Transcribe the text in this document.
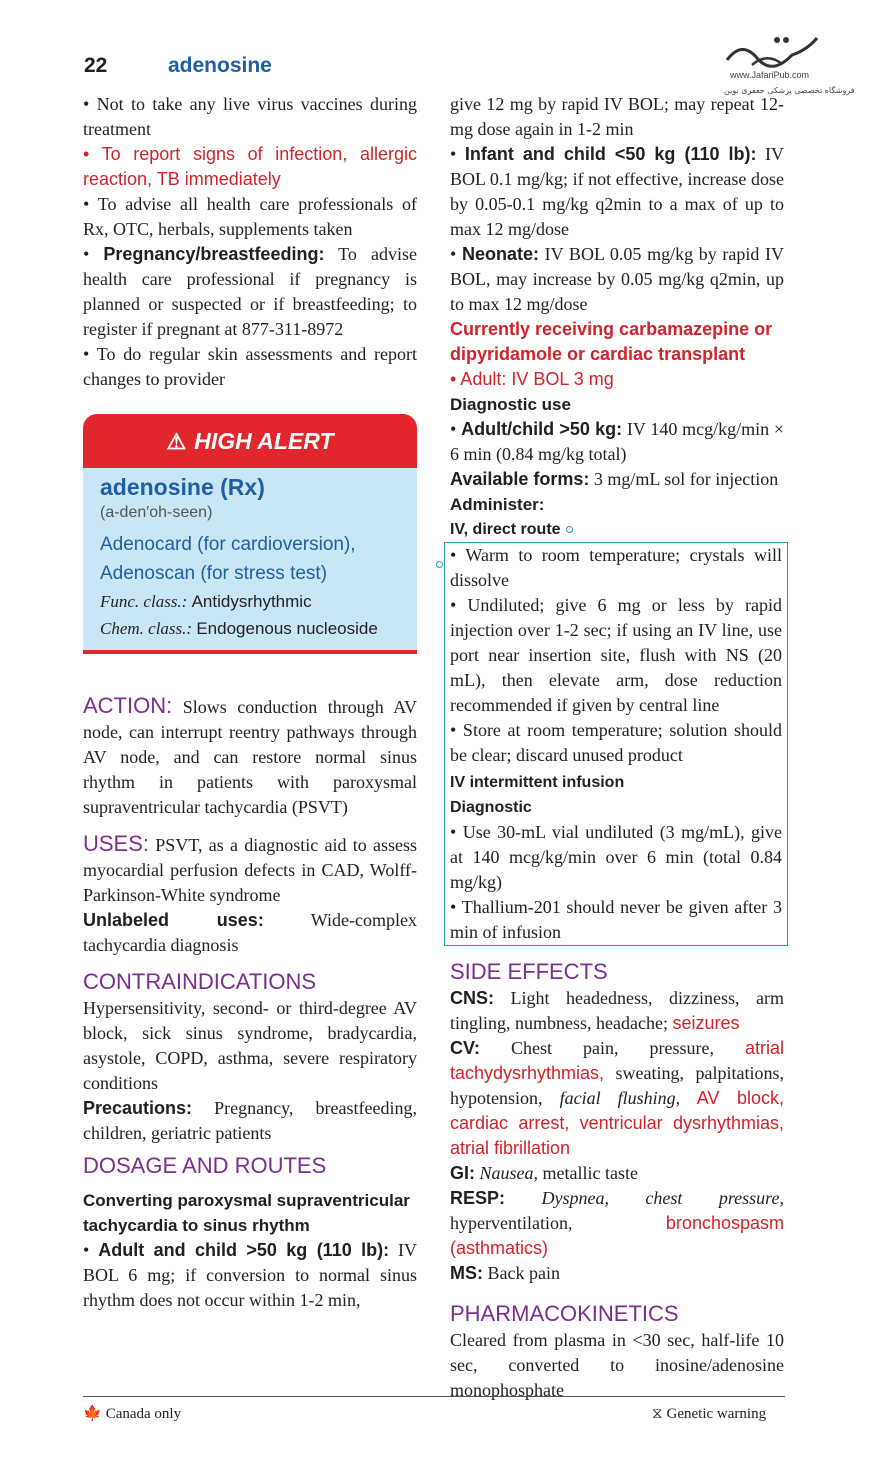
22	adenosine	www.JafariPub.com
فروشگاه تخصصی پزشکی جعفری نوین

• Not to take any live virus vaccines during treatment

• To report signs of infection, allergic reaction, TB immediately

• To advise all health care professionals of Rx, OTC, herbals, supplements taken

• Pregnancy/breastfeeding: To advise health care professional if pregnancy is planned or suspected or if breastfeeding; to register if pregnant at 877-311-8972

• To do regular skin assessments and report changes to provider

⚠ HIGH ALERT
adenosine (Rx)
(a-den′oh-seen)
Adenocard (for cardioversion),
Adenoscan (for stress test)
Func. class.: Antidysrhythmic
Chem. class.: Endogenous nucleoside

ACTION: Slows conduction through AV node, can interrupt reentry pathways through AV node, and can restore normal sinus rhythm in patients with paroxysmal supraventricular tachycardia (PSVT)

USES: PSVT, as a diagnostic aid to assess myocardial perfusion defects in CAD, Wolff-Parkinson-White syndrome

Unlabeled uses: Wide-complex tachycardia diagnosis

CONTRAINDICATIONS

Hypersensitivity, second- or third-degree AV block, sick sinus syndrome, bradycardia, asystole, COPD, asthma, severe respiratory conditions

Precautions: Pregnancy, breastfeeding, children, geriatric patients

DOSAGE AND ROUTES
Converting paroxysmal supraventricular tachycardia to sinus rhythm

• Adult and child >50 kg (110 lb): IV BOL 6 mg; if conversion to normal sinus rhythm does not occur within 1-2 min,

give 12 mg by rapid IV BOL; may repeat 12-mg dose again in 1-2 min

• Infant and child <50 kg (110 lb): IV BOL 0.1 mg/kg; if not effective, increase dose by 0.05-0.1 mg/kg q2min to a max of up to max 12 mg/dose

• Neonate: IV BOL 0.05 mg/kg by rapid IV BOL, may increase by 0.05 mg/kg q2min, up to max 12 mg/dose

Currently receiving carbamazepine or dipyridamole or cardiac transplant
• Adult: IV BOL 3 mg
Diagnostic use

• Adult/child >50 kg: IV 140 mcg/kg/min × 6 min (0.84 mg/kg total)

Available forms: 3 mg/mL sol for injection

Administer:
IV, direct route

• Warm to room temperature; crystals will dissolve

• Undiluted; give 6 mg or less by rapid injection over 1-2 sec; if using an IV line, use port near insertion site, flush with NS (20 mL), then elevate arm, dose reduction recommended if given by central line

• Store at room temperature; solution should be clear; discard unused product

IV intermittent infusion
Diagnostic

• Use 30-mL vial undiluted (3 mg/mL), give at 140 mcg/kg/min over 6 min (total 0.84 mg/kg)

• Thallium-201 should never be given after 3 min of infusion

SIDE EFFECTS

CNS: Light headedness, dizziness, arm tingling, numbness, headache; seizures

CV: Chest pain, pressure, atrial tachydysrhythmias, sweating, palpitations, hypotension, facial flushing, AV block, cardiac arrest, ventricular dysrhythmias, atrial fibrillation

GI: Nausea, metallic taste

RESP: Dyspnea, chest pressure, hyperventilation, bronchospasm (asthmatics)

MS: Back pain

PHARMACOKINETICS

Cleared from plasma in <30 sec, half-life 10 sec, converted to inosine/adenosine monophosphate

🍁 Canada only	⧖ Genetic warning
